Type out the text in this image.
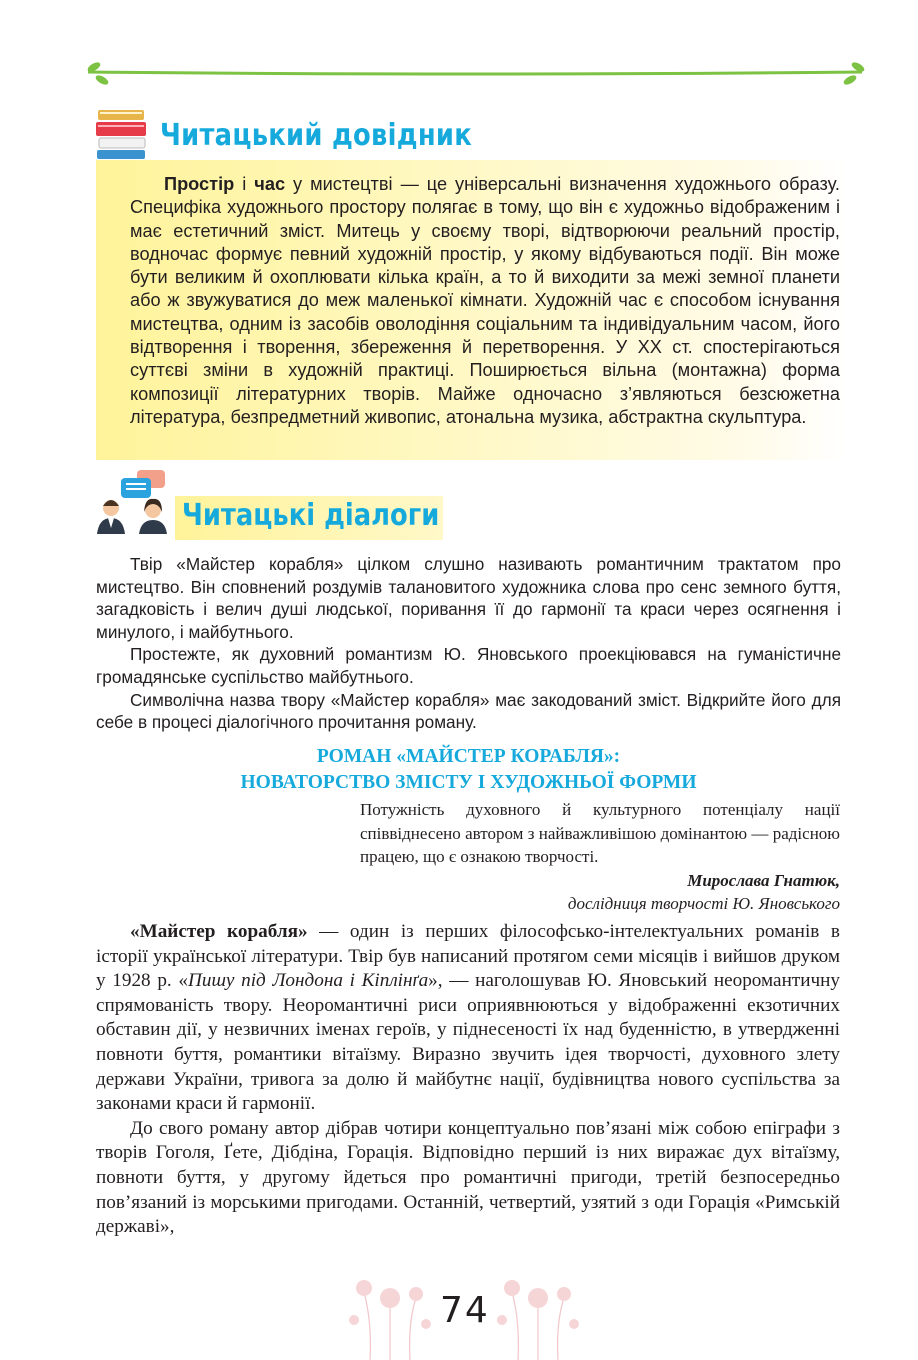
Читацький довідник

Простір і час у мистецтві — це універсальні визначення художнього образу. Специфіка художнього простору полягає в тому, що він є художньо відображеним і має естетичний зміст. Митець у своєму творі, відтворюючи реальний простір, водночас формує певний художній простір, у якому відбуваються події. Він може бути великим й охоплювати кілька країн, а то й виходити за межі земної планети або ж звужуватися до меж маленької кімнати. Художній час є способом існування мистецтва, одним із засобів оволодіння соціальним та індивідуальним часом, його відтворення і творення, збереження й перетворення. У ХХ ст. спостерігаються суттєві зміни в художній практиці. Поширюється вільна (монтажна) форма композиції літературних творів. Майже одночасно з’являються безсюжетна література, безпредметний живопис, атональна музика, абстрактна скульптура.

Читацькі діалоги

Твір «Майстер корабля» цілком слушно називають романтичним трактатом про мистецтво. Він сповнений роздумів талановитого художника слова про сенс земного буття, загадковість і велич душі людської, поривання її до гармонії та краси через осягнення і минулого, і майбутнього.

Простежте, як духовний романтизм Ю. Яновського проекціювався на гуманістичне громадянське суспільство майбутнього.

Символічна назва твору «Майстер корабля» має закодований зміст. Відкрийте його для себе в процесі діалогічного прочитання роману.

РОМАН «МАЙСТЕР КОРАБЛЯ»:
НОВАТОРСТВО ЗМІСТУ І ХУДОЖНЬОЇ ФОРМИ
Потужність духовного й культурного потенціалу нації співвіднесено автором з найважливішою домінантою — радісною працею, що є ознакою творчості.
Мирослава Гнатюк,
дослідниця творчості Ю. Яновського

«Майстер корабля» — один із перших філософсько-інтелектуальних романів в історії української літератури. Твір був написаний протягом семи місяців і вийшов друком у 1928 р. «Пишу під Лондона і Кіплінґа», — наголошував Ю. Яновський неоромантичну спрямованість твору. Неоромантичні риси оприявнюються у відображенні екзотичних обставин дії, у незвичних іменах героїв, у піднесеності їх над буденністю, в утвердженні повноти буття, романтики вітаїзму. Виразно звучить ідея творчості, духовного злету держави України, тривога за долю й майбутнє нації, будівництва нового суспільства за законами краси й гармонії.

До свого роману автор дібрав чотири концептуально пов’язані між собою епіграфи з творів Гоголя, Ґете, Дібдіна, Горація. Відповідно перший із них виражає дух вітаїзму, повноти буття, у другому йдеться про романтичні пригоди, третій безпосередньо пов’язаний із морськими пригодами. Останній, четвертий, узятий з оди Горація «Римській державі»,

74
